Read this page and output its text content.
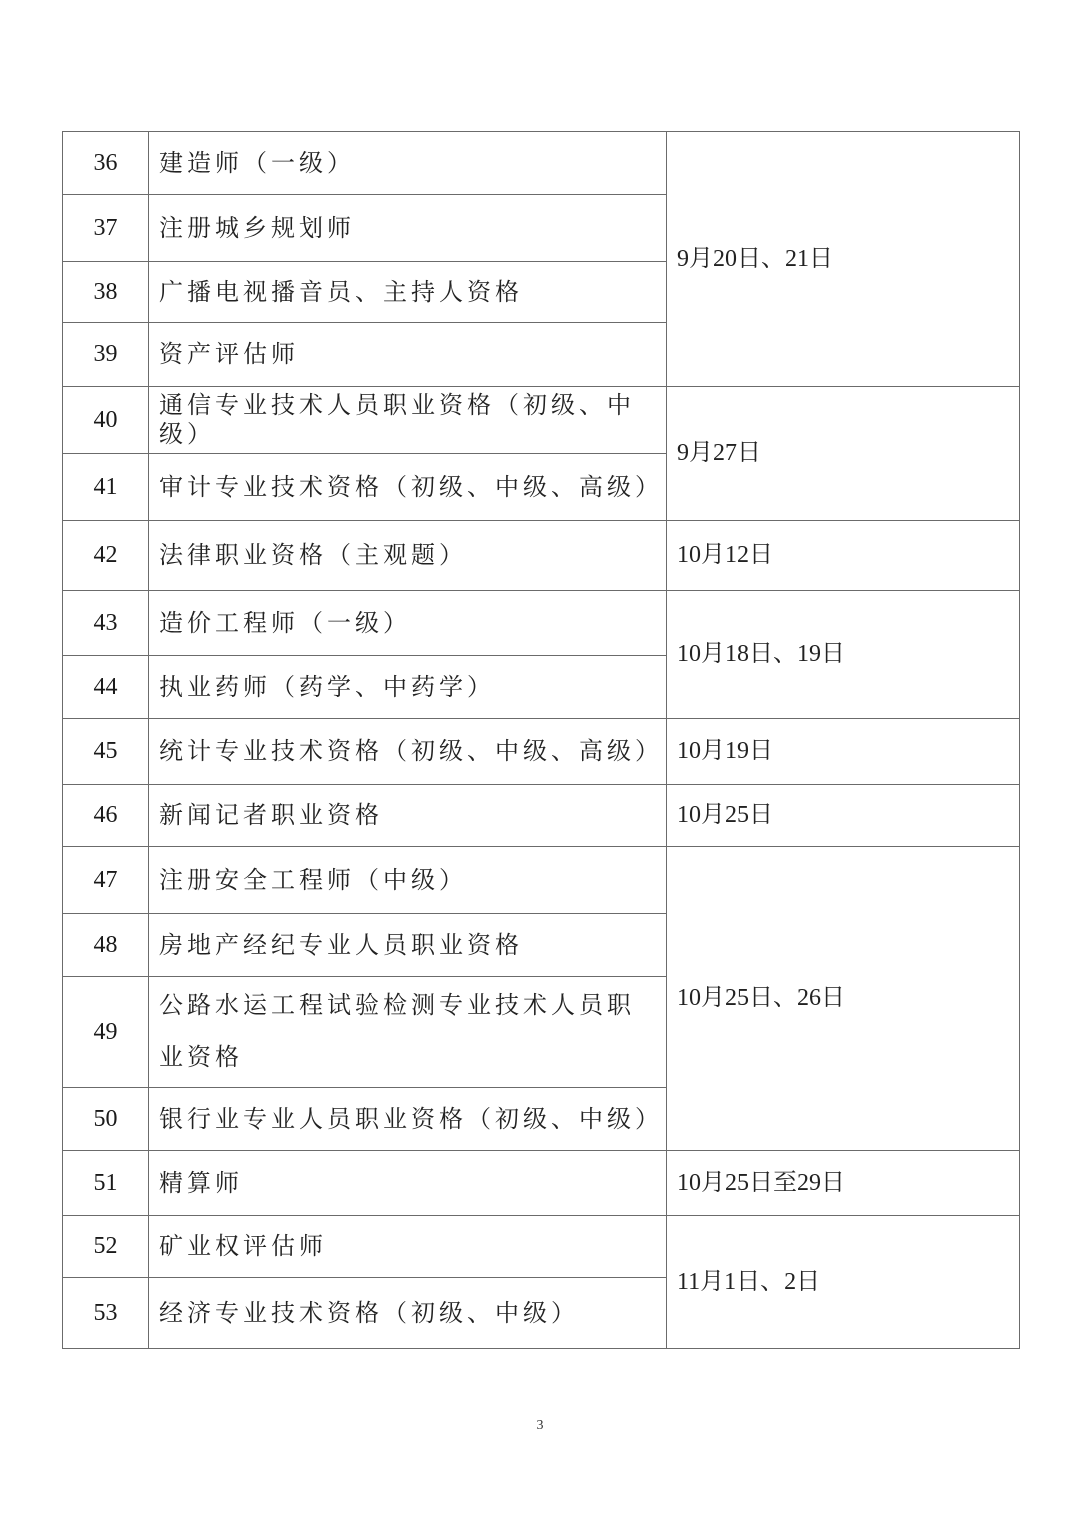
36	建造师（一级）	9月20日、21日
37	注册城乡规划师	
38	广播电视播音员、主持人资格	
39	资产评估师	
40	通信专业技术人员职业资格（初级、中级）	9月27日
41	审计专业技术资格（初级、中级、高级）	
42	法律职业资格（主观题）	10月12日
43	造价工程师（一级）	10月18日、19日
44	执业药师（药学、中药学）	
45	统计专业技术资格（初级、中级、高级）	10月19日
46	新闻记者职业资格	10月25日
47	注册安全工程师（中级）	10月25日、26日
48	房地产经纪专业人员职业资格	
49	公路水运工程试验检测专业技术人员职业资格	
50	银行业专业人员职业资格（初级、中级）	
51	精算师	10月25日至29日
52	矿业权评估师	11月1日、2日
53	经济专业技术资格（初级、中级）	
3
